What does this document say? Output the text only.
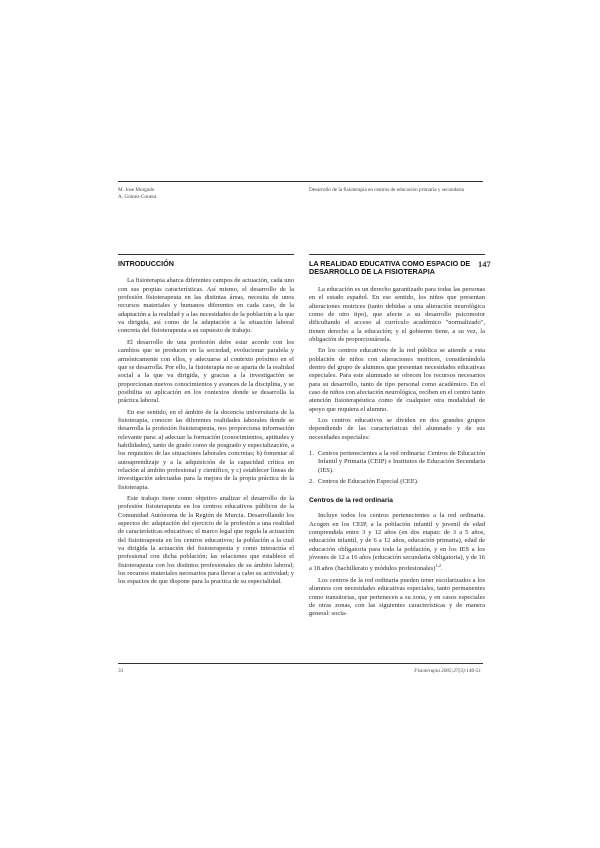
M. Jose Morgado
A. Gómez-Conesa
Desarrollo de la fisioterapia en centros de educación primaria y secundaria
147
INTRODUCCIÓN

La fisioterapia abarca diferentes campos de actuación, cada uno con sus propias características. Así mismo, el desarrollo de la profesión fisioterapeuta en las distintas áreas, necesita de unos recursos materiales y humanos diferentes en cada caso, de la adaptación a la realidad y a las necesidades de la población a la que va dirigida, así como de la adaptación a la situación laboral concreta del fisioterapeuta a su supuesto de trabajo.

El desarrollo de una profesión debe estar acorde con los cambios que se producen en la sociedad, evolucionar paralela y armónicamente con ellos, y adecuarse al contexto próximo en el que se desarrolla. Por ello, la fisioterapia no se aparta de la realidad social a la que va dirigida, y gracias a la investigación se proporcionan nuevos conocimientos y avances de la disciplina, y se posibilita su aplicación en los contextos donde se desarrolla la práctica laboral.

En ese sentido, en el ámbito de la docencia universitaria de la fisioterapia, conocer las diferentes realidades laborales donde se desarrolla la profesión fisioterapeuta, nos proporciona información relevante para: a) adecuar la formación (conocimientos, aptitudes y habilidades), tanto de grado como de posgrado y especialización, a los requisitos de las situaciones laborales concretas; b) fomentar al autoaprendizaje y a la adquisición de la capacidad crítica en relación al ámbito profesional y científico, y c) establecer líneas de investigación adecuadas para la mejora de la propia práctica de la fisioterapia.

Este trabajo tiene como objetivo analizar el desarrollo de la profesión fisioterapeuta en los centros educativos públicos de la Comunidad Autónoma de la Región de Murcia. Desarrollando los aspectos de: adaptación del ejercicio de la profesión a una realidad de características educativas; el marco legal que regula la actuación del fisioterapeuta en los centros educativos; la población a la cual va dirigida la actuación del fisioterapeuta y como interactúa el profesional con dicha población; las relaciones que establece el fisioterapeuta con los distintos profesionales de su ámbito laboral; los recursos materiales necesarios para llevar a cabo su actividad; y los espacios de que dispone para la practica de su especialidad.

LA REALIDAD EDUCATIVA COMO ESPACIO DE DESARROLLO DE LA FISIOTERAPIA

La educación es un derecho garantizado para todas las personas en el estado español. En ese sentido, los niños que presentan alteraciones motrices (tanto debidas a una alteración neurológica como de otro tipo), que afecte a su desarrollo psicomotor dificultando el acceso al currículo académico "normalizado", tienen derecho a la educación; y el gobierno tiene, a su vez, la obligación de proporcionársela.

En los centros educativos de la red pública se atiende a esta población de niños con alteraciones motrices, considerándola dentro del grupo de alumnos que presentan necesidades educativas especiales. Para este alumnado se ofrecen los recursos necesarios para su desarrollo, tanto de tipo personal como académico. En el caso de niños con afectación neurológica, reciben en el centro tanto atención fisioterapéutica como de cualquier otra modalidad de apoyo que requiera el alumno.

Los centros educativos se dividen en dos grandes grupos dependiendo de las características del alumnado y de sus necesidades especiales:

1. Centros pertenecientes a la red ordinaria: Centros de Educación Infantil y Primaria (CEIP) e Institutos de Educación Secundaria (IES).
2. Centros de Educación Especial (CEE).
Centros de la red ordinaria

Incluye todos los centros pertenecientes a la red ordinaria. Acogen en los CEIP, a la población infantil y juvenil de edad comprendida entre 3 y 12 años (en dos etapas: de 3 a 5 años, educación infantil, y de 6 a 12 años, educación primaria), edad de educación obligatoria para toda la población, y en los IES a los jóvenes de 12 a 16 años (educación secundaria obligatoria), y de 16 a 18 años (bachillerato y módulos profesionales)$^{1,2}$.

Los centros de la red ordinaria pueden tener escolarizados a los alumnos con necesidades educativas especiales, tanto permanentes como transitorias, que pertenecen a su zona, y en casos especiales de otras zonas, con las siguientes características y de manera general: socia-

31	Fisioterapia 2005;27(3):146-51
